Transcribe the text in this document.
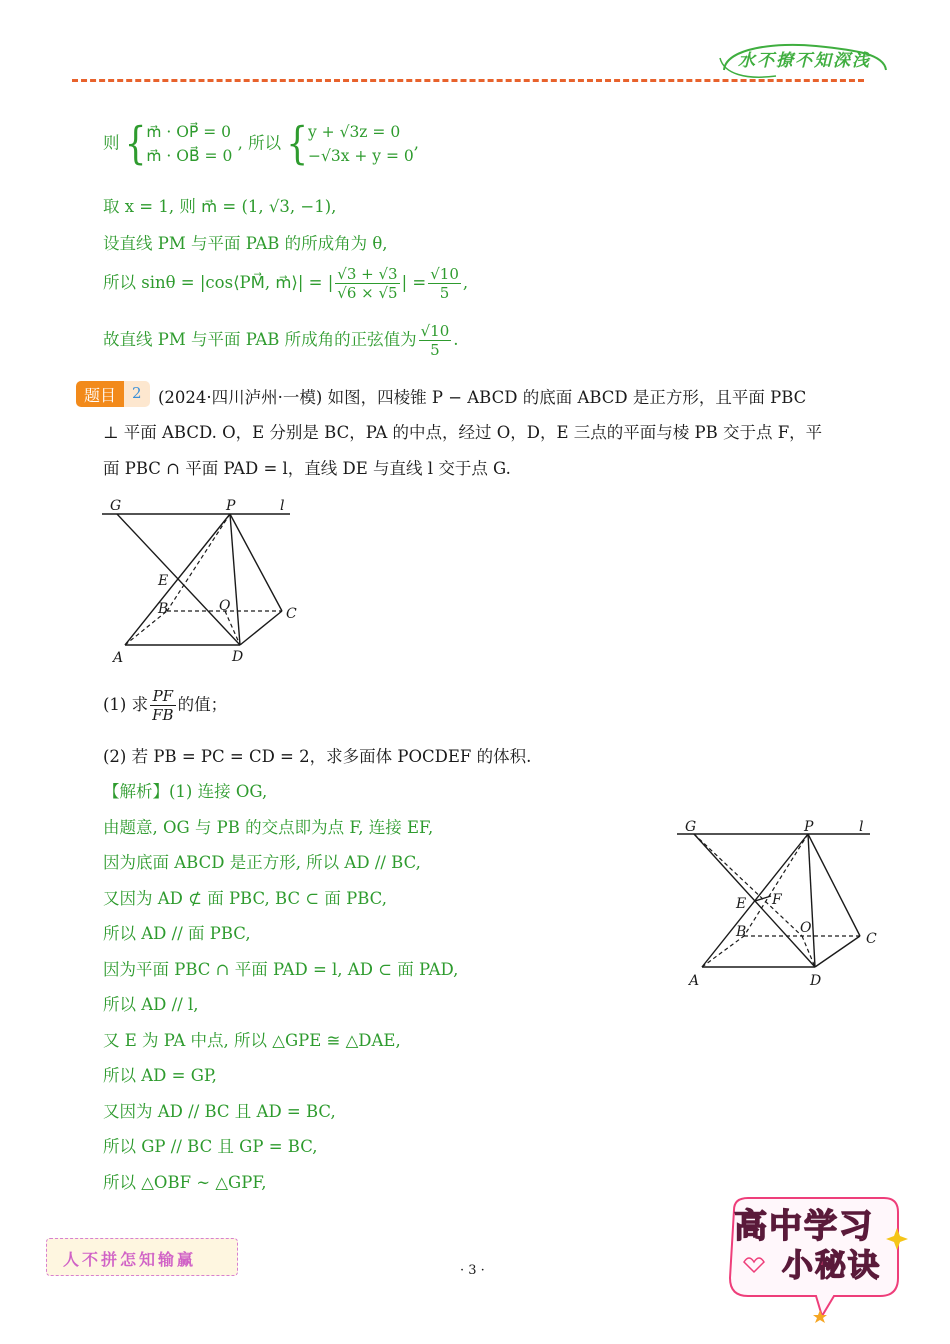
水不撩不知深浅
则 { m⃗ · OP⃗ = 0
m⃗ · OB⃗ = 0
, 所以 { y + √3z = 0
−√3x + y = 0
,
取 x = 1, 则 m⃗ = (1, √3, −1),
设直线 PM 与平面 PAB 的所成角为 θ,
所以 sinθ = |cos⟨PM⃗, m⃗⟩| = | $\frac{√3 + √3}{√6 \times √5}$ | = $\frac{√10}{5}$ ,
故直线 PM 与平面 PAB 所成角的正弦值为 $\frac{√10}{5}$ .
题目	2 (2024·四川泸州·一模) 如图，四棱锥 P − ABCD 的底面 ABCD 是正方形，且平面 PBC
⊥ 平面 ABCD. O，E 分别是 BC，PA 的中点，经过 O，D，E 三点的平面与棱 PB 交于点 F，平
面 PBC ∩ 平面 PAD = l，直线 DE 与直线 l 交于点 G.
G	P	l
E
B	O	C
A	D
(1) 求 $\frac{PF}{FB}$ 的值；
(2) 若 PB = PC = CD = 2，求多面体 POCDEF 的体积.
【解析】(1) 连接 OG,
由题意, OG 与 PB 的交点即为点 F, 连接 EF,
因为底面 ABCD 是正方形, 所以 AD // BC,
又因为 AD ⊄ 面 PBC, BC ⊂ 面 PBC,
所以 AD // 面 PBC,
因为平面 PBC ∩ 平面 PAD = l, AD ⊂ 面 PAD,
所以 AD // l,
又 E 为 PA 中点, 所以 △GPE ≅ △DAE,
所以 AD = GP,
又因为 AD // BC 且 AD = BC,
所以 GP // BC 且 GP = BC,
所以 △OBF ∼ △GPF,
G	P	l
E F
B	O
C
A	D
人不拼怎知输赢
· 3 ·
高中学习
小秘诀
